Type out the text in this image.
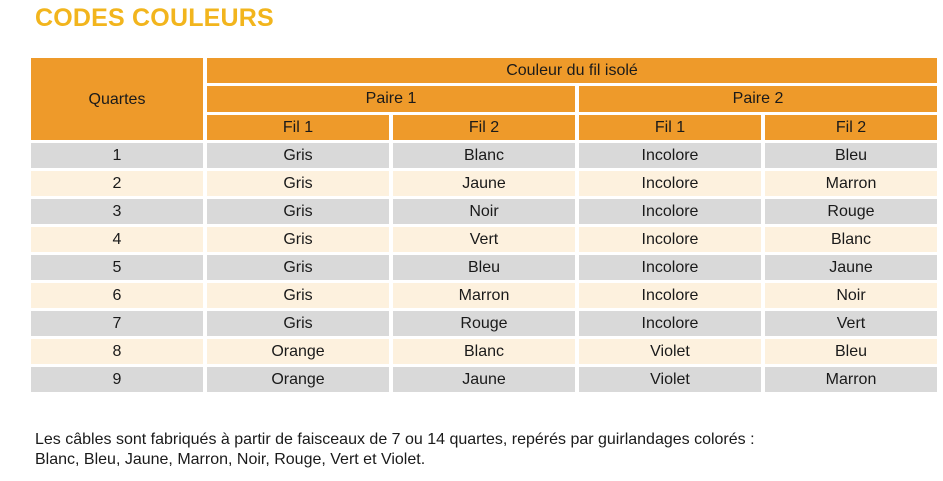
CODES COULEURS
Quartes	Couleur du fil isolé			
	Paire 1		Paire 2	
	Fil 1	Fil 2	Fil 1	Fil 2
1	Gris	Blanc	Incolore	Bleu
2	Gris	Jaune	Incolore	Marron
3	Gris	Noir	Incolore	Rouge
4	Gris	Vert	Incolore	Blanc
5	Gris	Bleu	Incolore	Jaune
6	Gris	Marron	Incolore	Noir
7	Gris	Rouge	Incolore	Vert
8	Orange	Blanc	Violet	Bleu
9	Orange	Jaune	Violet	Marron
Les câbles sont fabriqués à partir de faisceaux de 7 ou 14 quartes, repérés par guirlandages colorés :
Blanc, Bleu, Jaune, Marron, Noir, Rouge, Vert et Violet.
